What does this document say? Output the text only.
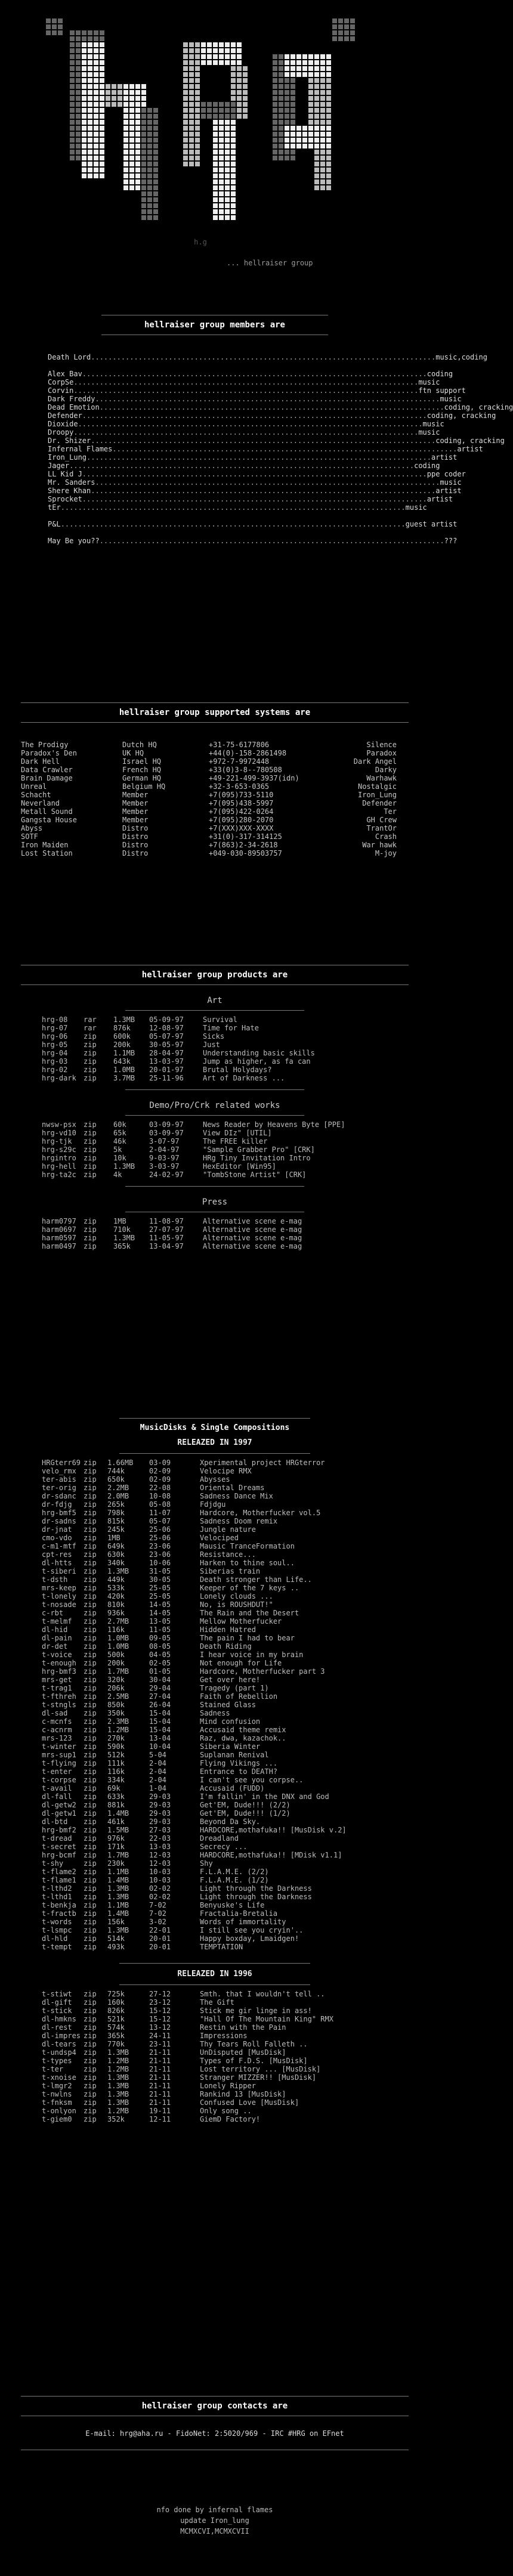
h.g
... hellraiser group

hellraiser group members are

Death Lord ................................................................................ music,coding
Alex Bav ................................................................................ coding
CorpSe ................................................................................ music
Corvin ................................................................................ ftn support
Dark Freddy ................................................................................ music
Dead Emotion ................................................................................ coding, cracking
Defender ................................................................................ coding, cracking
Dioxide ................................................................................ music
Droopy ................................................................................ music
Dr. Shizer ................................................................................ coding, cracking
Infernal Flames ................................................................................ artist
Iron_Lung ................................................................................ artist
Jager ................................................................................ coding
LL Kid J ................................................................................ ppe coder
Mr. Sanders ................................................................................ music
Shere Khan ................................................................................ artist
Sprocket ................................................................................ artist
tEr ................................................................................ music
P&L ................................................................................ guest artist
May Be you?? ................................................................................ ???

hellraiser group supported systems are

The Prodigy	Dutch HQ	+31-75-6177806	Silence
Paradox's Den	UK HQ	+44(0)-158-2861498	Paradox
Dark Hell	Israel HQ	+972-7-9972448	Dark Angel
Data Crawler	French HQ	+33(0)3-8--780508	Darky
Brain Damage	German HQ	+49-221-499-3937(idn)	Warhawk
Unreal	Belgium HQ	+32-3-653-0365	Nostalgic
Schacht	Member	+7(095)733-5110	Iron_Lung
Neverland	Member	+7(095)438-5997	Defender
Metall Sound	Member	+7(095)422-0264	Ter
Gangsta House	Member	+7(095)280-2070	GH Crew
Abyss	Distro	+7(XXX)XXX-XXXX	TrantOr
SOTF	Distro	+31(0)-317-314125	Crash
Iron Maiden	Distro	+7(863)2-34-2618	War hawk
Lost Station	Distro	+049-030-89503757	M-joy

hellraiser group products are

Art
hrg-08	rar	1.3MB	05-09-97	Survival
hrg-07	rar	876k	12-08-97	Time for Hate
hrg-06	zip	600k	05-07-97	Sicks
hrg-05	zip	200k	30-05-97	Just
hrg-04	zip	1.1MB	28-04-97	Understanding basic skills
hrg-03	zip	643k	13-03-97	Jump as higher, as fa can
hrg-02	zip	1.0MB	20-01-97	Brutal Holydays?
hrg-dark	zip	3.7MB	25-11-96	Art of Darkness ...
Demo/Pro/Crk related works
nwsw-psx	zip	60k	03-09-97	News Reader by Heavens Byte [PPE]
hrg-vd10	zip	65k	03-09-97	View DIz" [UTIL]
hrg-tjk	zip	46k	3-07-97	The FREE killer
hrg-s29c	zip	5k	2-04-97	"Sample Grabber Pro" [CRK]
hrgintro	zip	10k	9-03-97	HRg Tiny Invitation Intro
hrg-hell	zip	1.3MB	3-03-97	HexEditor [Win95]
hrg-ta2c	zip	4k	24-02-97	"TombStone Artist" [CRK]
Press
harm0797	zip	1MB	11-08-97	Alternative scene e-mag
harm0697	zip	710k	27-07-97	Alternative scene e-mag
harm0597	zip	1.3MB	11-05-97	Alternative scene e-mag
harm0497	zip	365k	13-04-97	Alternative scene e-mag

MusicDisks & Single Compositions

RELEAZED IN 1997
HRGterr69 zip	1.66MB	03-09	Xperimental project HRGterror
velo_rmx	zip	744k	02-09	Velocipe RMX
ter-abis	zip	650k	02-09	Abysses
ter-orig	zip	2.2MB	22-08	Oriental Dreams
dr-sdanc	zip	2.0MB	10-08	Sadness Dance Mix
dr-fdjg	zip	265k	05-08	Fdjdgu
hrg-bmf5	zip	798k	11-07	Hardcore, Motherfucker vol.5
dr-sadns	zip	815k	05-07	Sadness Doom remix
dr-jnat	zip	245k	25-06	Jungle nature
cmo-vdo	zip	1MB	25-06	Velociped
c-m1-mtf	zip	649k	23-06	Mausic TranceFormation
cpt-res	zip	630k	23-06	Resistance...
dl-htts	zip	340k	10-06	Harken to thine soul..
t-siberi	zip	1.3MB	31-05	Siberias train
t-dsth	zip	449k	30-05	Death stronger than Life..
mrs-keep	zip	533k	25-05	Keeper of the 7 keys ..
t-lonely	zip	420k	25-05	Lonely clouds ...
t-nosade	zip	810k	14-05	No, is ROUSHDUT!"
c-rbt	zip	936k	14-05	The Rain and the Desert
t-melmf	zip	2.7MB	13-05	Mellow Motherfucker
dl-hid	zip	116k	11-05	Hidden Hatred
dl-pain	zip	1.0MB	09-05	The pain I had to bear
dr-det	zip	1.0MB	08-05	Death Riding
t-voice	zip	500k	04-05	I hear voice in my brain
t-enough	zip	200k	02-05	Not enough for Life
hrg-bmf3	zip	1.7MB	01-05	Hardcore, Motherfucker part 3
mrs-get	zip	320k	30-04	Get over here!
t-trag1	zip	206k	29-04	Tragedy (part 1)
t-fthreh	zip	2.5MB	27-04	Faith of Rebellion
t-stngls	zip	850k	26-04	Stained Glass
dl-sad	zip	350k	15-04	Sadness
c-mcnfs	zip	2.3MB	15-04	Mind confusion
c-acnrm	zip	1.2MB	15-04	Accusaid theme remix
mrs-123	zip	270k	13-04	Raz, dwa, kazachok..
t-winter	zip	590k	10-04	Siberia Winter
mrs-sup1	zip	512k	5-04	Suplanan Renival
t-flying	zip	111k	2-04	Flying Vikings ...
t-enter	zip	116k	2-04	Entrance to DEATH?
t-corpse	zip	334k	2-04	I can't see you corpse..
t-avail	zip	69k	1-04	Accusaid (FUDD)
dl-fall	zip	633k	29-03	I'm fallin' in the DNX and God
dl-getw2	zip	881k	29-03	Get'EM, Dude!!! (2/2)
dl-getw1	zip	1.4MB	29-03	Get'EM, Dude!!! (1/2)
dl-btd	zip	461k	29-03	Beyond Da Sky.
hrg-bmf2	zip	1.5MB	27-03	HARDCORE,mothafuka!! [MusDisk v.2]
t-dread	zip	976k	22-03	Dreadland
t-secret	zip	171k	13-03	Secrecy ...
hrg-bcmf	zip	1.7MB	12-03	HARDCORE,mothafuka!! [MDisk v1.1]
t-shy	zip	230k	12-03	Shy
t-flame2	zip	1.1MB	10-03	F.L.A.M.E. (2/2)
t-flame1	zip	1.4MB	10-03	F.L.A.M.E. (1/2)
t-lthd2	zip	1.3MB	02-02	Light through the Darkness
t-lthd1	zip	1.3MB	02-02	Light through the Darkness
t-benkja	zip	1.1MB	7-02	Benyuske's Life
t-fractb	zip	1.4MB	7-02	Fractalia-Bretalia
t-words	zip	156k	3-02	Words of immortality
t-lsmpc	zip	1.3MB	22-01	I still see you cryin'..
dl-hld	zip	514k	20-01	Happy boxday, Lmaidgen!
t-tempt	zip	493k	20-01	TEMPTATION
RELEAZED IN 1996
t-stiwt	zip	725k	27-12	Smth. that I wouldn't tell ..
dl-gift	zip	160k	23-12	The Gift
t-stick	zip	826k	15-12	Stick me gir linge in ass!
dl-hmkns	zip	521k	15-12	"Hall Of The Mountain King" RMX
dl-rest	zip	574k	13-12	Restin with the Pain
dl-impres zip	365k	24-11	Impressions
dl-tears	zip	770k	23-11	Thy Tears Roll Falleth ..
t-undsp4	zip	1.3MB	21-11	UnDisputed [MusDisk]
t-types	zip	1.2MB	21-11	Types of F.D.S. [MusDisk]
t-ter	zip	1.2MB	21-11	Lost territory ... [MusDisk]
t-xnoise	zip	1.3MB	21-11	Stranger MIZZER!! [MusDisk]
t-lmgr2	zip	1.3MB	21-11	Lonely Ripper
t-nwlns	zip	1.3MB	21-11	Rankind 13 [MusDisk]
t-fnksm	zip	1.3MB	21-11	Confused Love [MusDisk]
t-onlyon	zip	1.2MB	19-11	Only song ..
t-giem0	zip	352k	12-11	GiemD Factory!

hellraiser group contacts are

E-mail: hrg@aha.ru - FidoNet: 2:5020/969 - IRC #HRG on EFnet
nfo done by infernal flames
update Iron_lung
MCMXCVI,MCMXCVII
